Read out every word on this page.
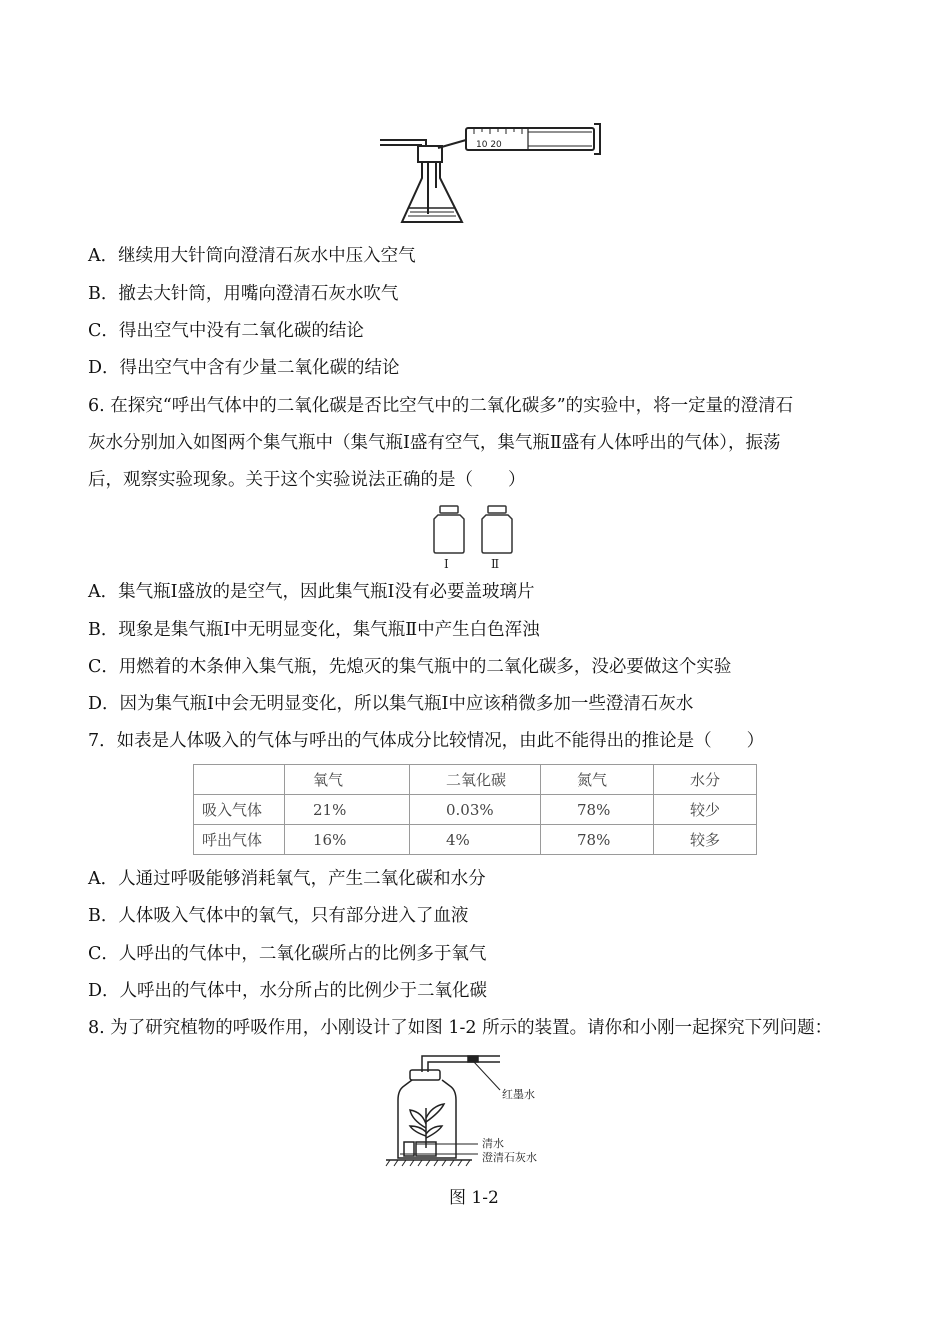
10 20
A．继续用大针筒向澄清石灰水中压入空气
B．撤去大针筒，用嘴向澄清石灰水吹气
C．得出空气中没有二氧化碳的结论
D．得出空气中含有少量二氧化碳的结论
6. 在探究“呼出气体中的二氧化碳是否比空气中的二氧化碳多”的实验中，将一定量的澄清石
灰水分别加入如图两个集气瓶中（集气瓶Ⅰ盛有空气，集气瓶Ⅱ盛有人体呼出的气体），振荡
后，观察实验现象。关于这个实验说法正确的是（　　）
Ⅰ	Ⅱ
A．集气瓶Ⅰ盛放的是空气，因此集气瓶Ⅰ没有必要盖玻璃片
B．现象是集气瓶Ⅰ中无明显变化，集气瓶Ⅱ中产生白色浑浊
C．用燃着的木条伸入集气瓶，先熄灭的集气瓶中的二氧化碳多，没必要做这个实验
D．因为集气瓶Ⅰ中会无明显变化，所以集气瓶Ⅰ中应该稍微多加一些澄清石灰水
7．如表是人体吸入的气体与呼出的气体成分比较情况，由此不能得出的推论是（　　）
	氧气	二氧化碳	氮气	水分
吸入气体	21%	0.03%	78%	较少
呼出气体	16%	4%	78%	较多
A．人通过呼吸能够消耗氧气，产生二氧化碳和水分
B．人体吸入气体中的氧气，只有部分进入了血液
C．人呼出的气体中，二氧化碳所占的比例多于氧气
D．人呼出的气体中，水分所占的比例少于二氧化碳
8. 为了研究植物的呼吸作用，小刚设计了如图 1-2 所示的装置。请你和小刚一起探究下列问题：
红墨水
清水
澄清石灰水
图 1-2
